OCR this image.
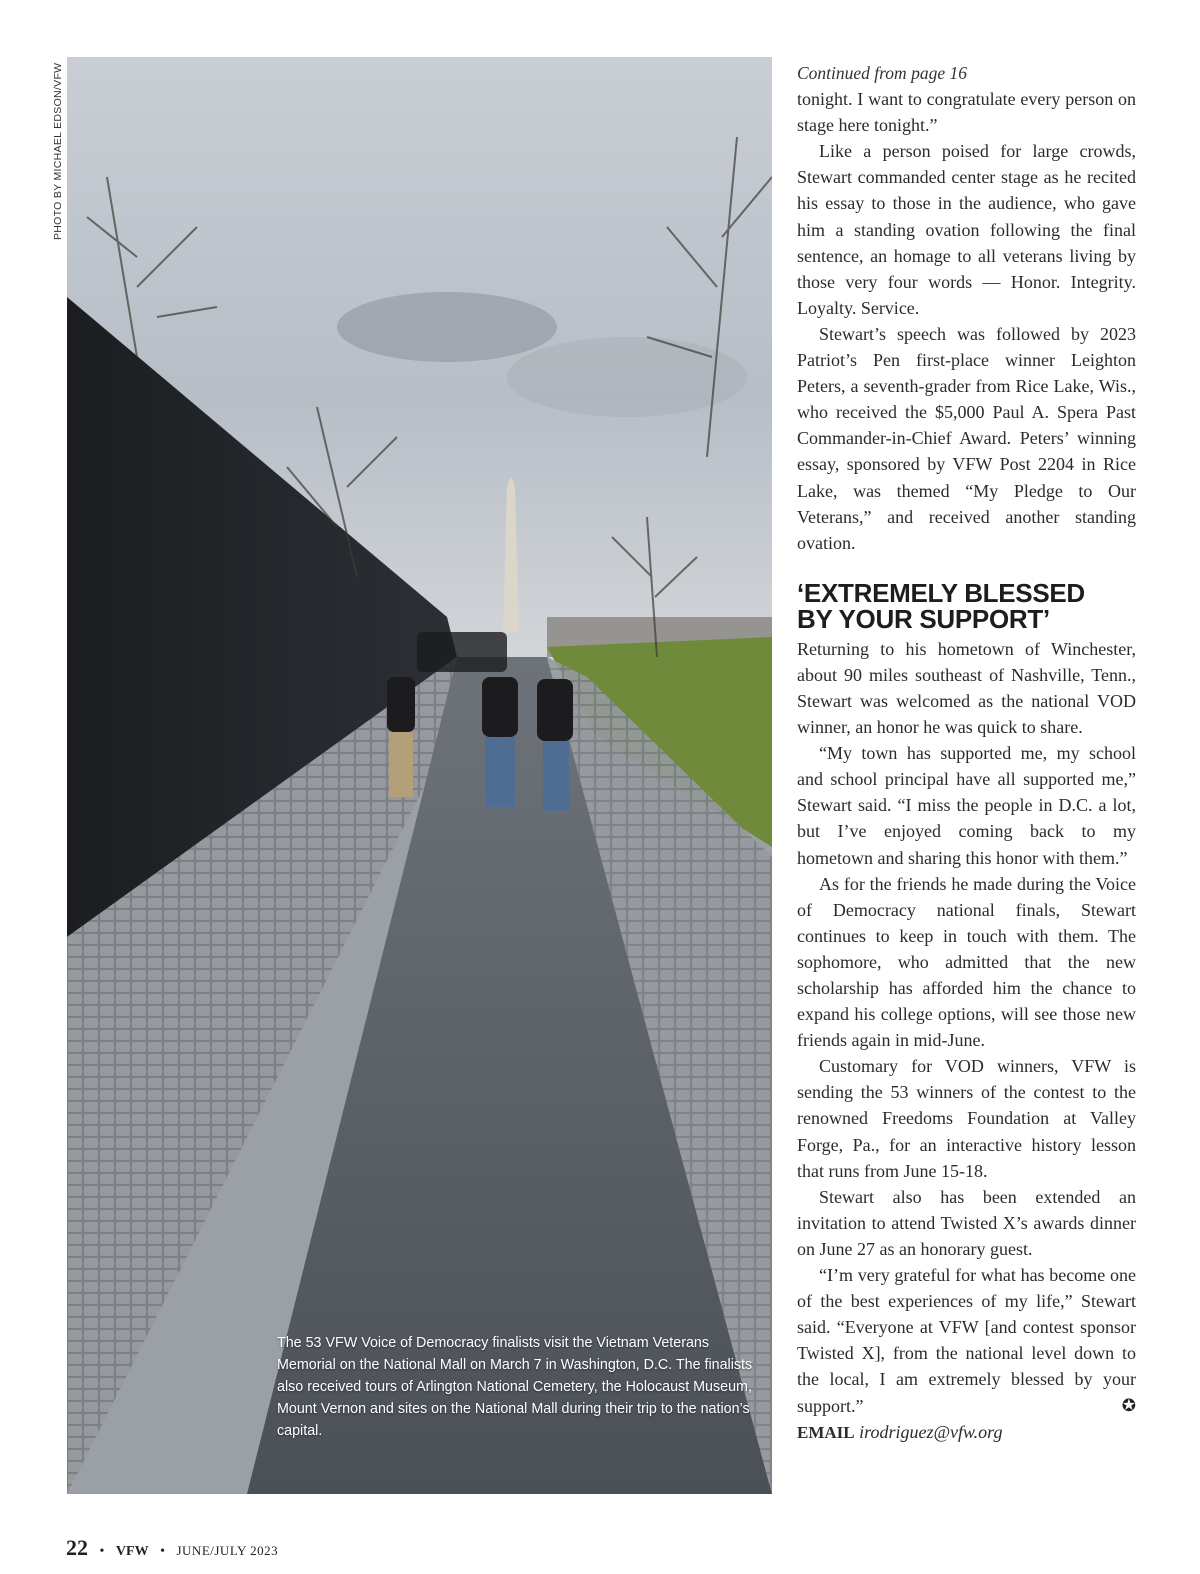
PHOTO BY MICHAEL EDSON/VFW
The 53 VFW Voice of Democracy finalists visit the Vietnam Veterans Memorial on the National Mall on March 7 in Washington, D.C. The finalists also received tours of Arlington National Cemetery, the Holocaust Museum, Mount Vernon and sites on the National Mall during their trip to the nation’s capital.

Continued from page 16

tonight. I want to congratulate every person on stage here tonight.”

Like a person poised for large crowds, Stewart commanded center stage as he recited his essay to those in the audience, who gave him a standing ovation following the final sentence, an homage to all veterans living by those very four words — Honor. Integrity. Loyalty. Service.

Stewart’s speech was followed by 2023 Patriot’s Pen first-place winner Leighton Peters, a seventh-grader from Rice Lake, Wis., who received the $5,000 Paul A. Spera Past Commander-in-Chief Award. Peters’ winning essay, sponsored by VFW Post 2204 in Rice Lake, was themed “My Pledge to Our Veterans,” and received another standing ovation.

‘EXTREMELY BLESSED
BY YOUR SUPPORT’

Returning to his hometown of Winchester, about 90 miles southeast of Nashville, Tenn., Stewart was welcomed as the national VOD winner, an honor he was quick to share.

“My town has supported me, my school and school principal have all supported me,” Stewart said. “I miss the people in D.C. a lot, but I’ve enjoyed coming back to my hometown and sharing this honor with them.”

As for the friends he made during the Voice of Democracy national finals, Stewart continues to keep in touch with them. The sophomore, who admitted that the new scholarship has afforded him the chance to expand his college options, will see those new friends again in mid-June.

Customary for VOD winners, VFW is sending the 53 winners of the contest to the renowned Freedoms Foundation at Valley Forge, Pa., for an interactive history lesson that runs from June 15-18.

Stewart also has been extended an invitation to attend Twisted X’s awards dinner on June 27 as an honorary guest.

“I’m very grateful for what has become one of the best experiences of my life,” Stewart said. “Everyone at VFW [and contest sponsor Twisted X], from the national level down to the local, I am extremely blessed by your support.”	✪

EMAIL irodriguez@vfw.org

22 • VFW • JUNE/JULY 2023
